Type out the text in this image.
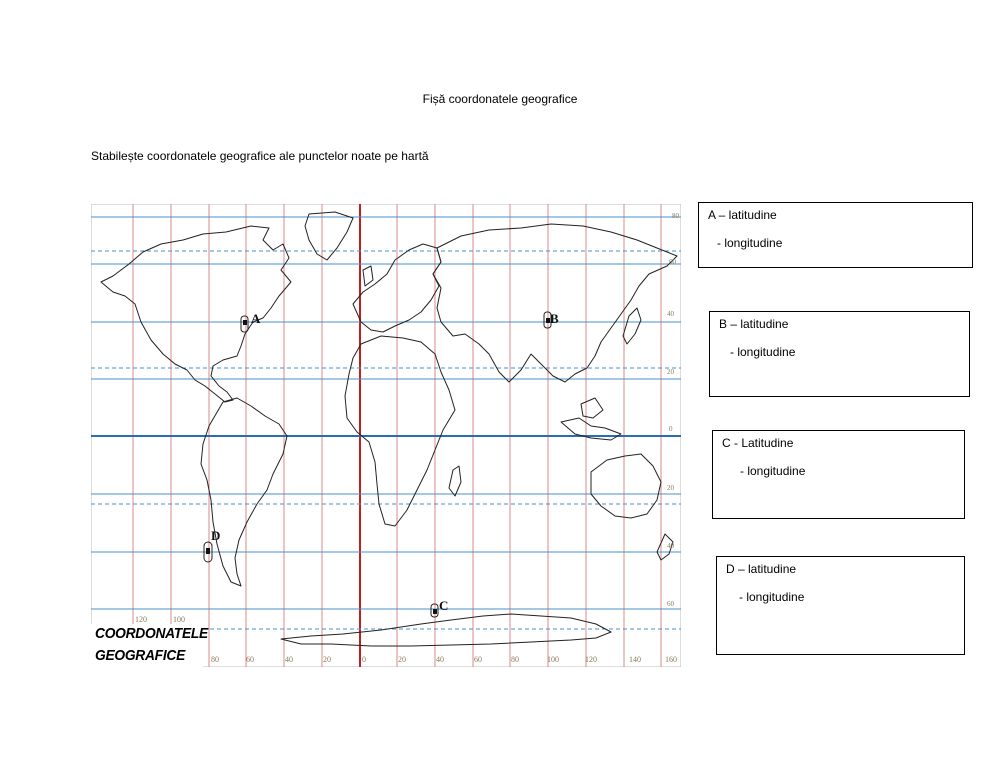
Fișă coordonatele geografice
Stabilește coordonatele geografice ale punctelor noate pe hartă
A	B
C
D
80
60
40
20
0
20
40
60
80	60	40	20	0	20	40	60	80	100	120	140	160
120	100
COORDONATELE
GEOGRAFICE
A – latitudine
- longitudine
B – latitudine
- longitudine
C - Latitudine
- longitudine
D – latitudine
- longitudine
